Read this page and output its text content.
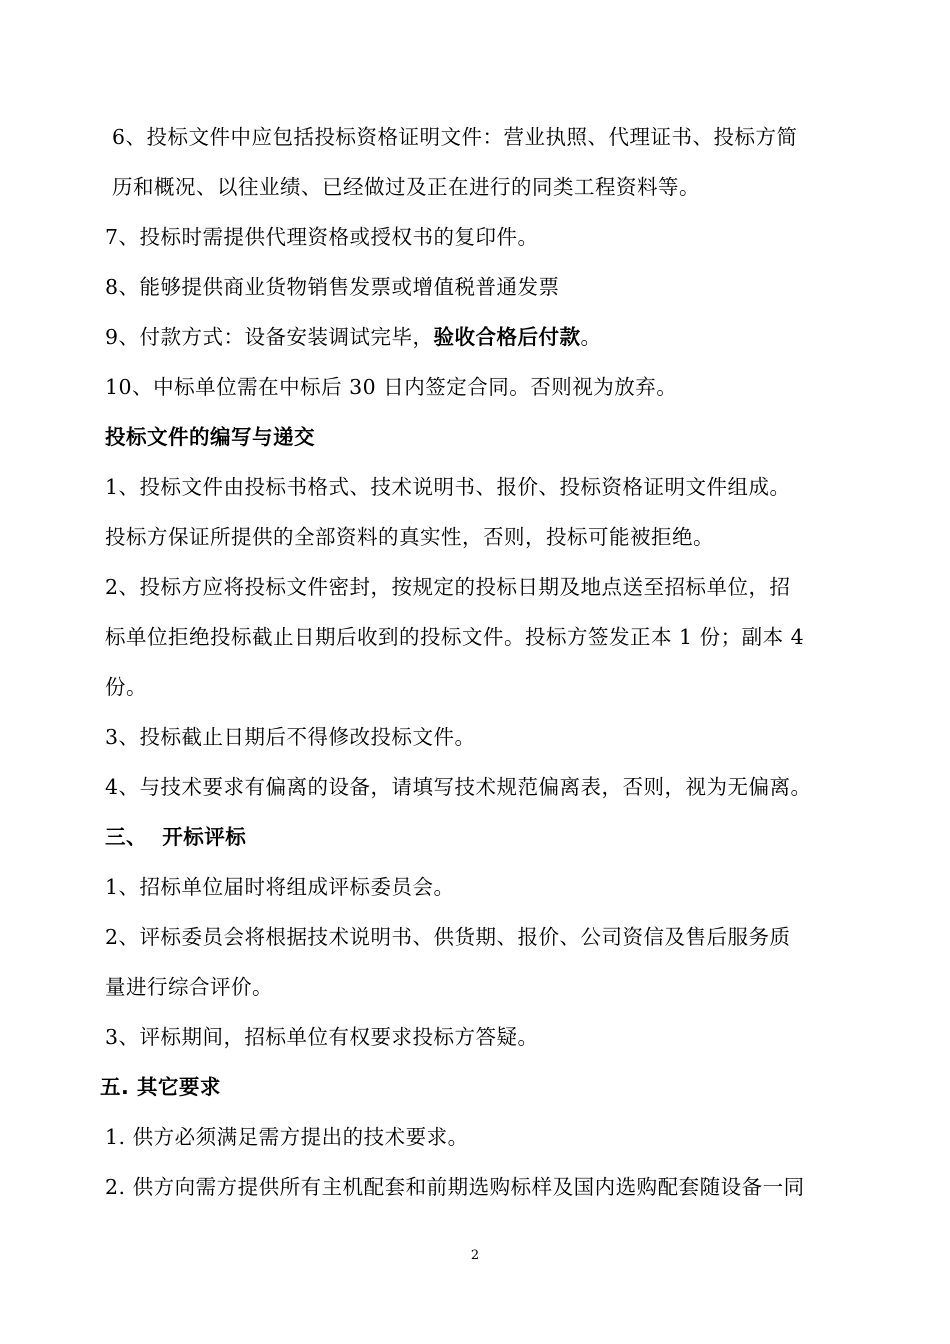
6、投标文件中应包括投标资格证明文件：营业执照、代理证书、投标方简
历和概况、以往业绩、已经做过及正在进行的同类工程资料等。
7、投标时需提供代理资格或授权书的复印件。
8、能够提供商业货物销售发票或增值税普通发票
9、付款方式：设备安装调试完毕，验收合格后付款。
10、中标单位需在中标后 30 日内签定合同。否则视为放弃。
投标文件的编写与递交
1、投标文件由投标书格式、技术说明书、报价、投标资格证明文件组成。
投标方保证所提供的全部资料的真实性，否则，投标可能被拒绝。
2、投标方应将投标文件密封，按规定的投标日期及地点送至招标单位，招
标单位拒绝投标截止日期后收到的投标文件。投标方签发正本 1 份；副本 4
份。
3、投标截止日期后不得修改投标文件。
4、与技术要求有偏离的设备，请填写技术规范偏离表，否则，视为无偏离。
三、  开标评标
1、招标单位届时将组成评标委员会。
2、评标委员会将根据技术说明书、供货期、报价、公司资信及售后服务质
量进行综合评价。
3、评标期间，招标单位有权要求投标方答疑。
五. 其它要求
1. 供方必须满足需方提出的技术要求。
2. 供方向需方提供所有主机配套和前期选购标样及国内选购配套随设备一同
2
